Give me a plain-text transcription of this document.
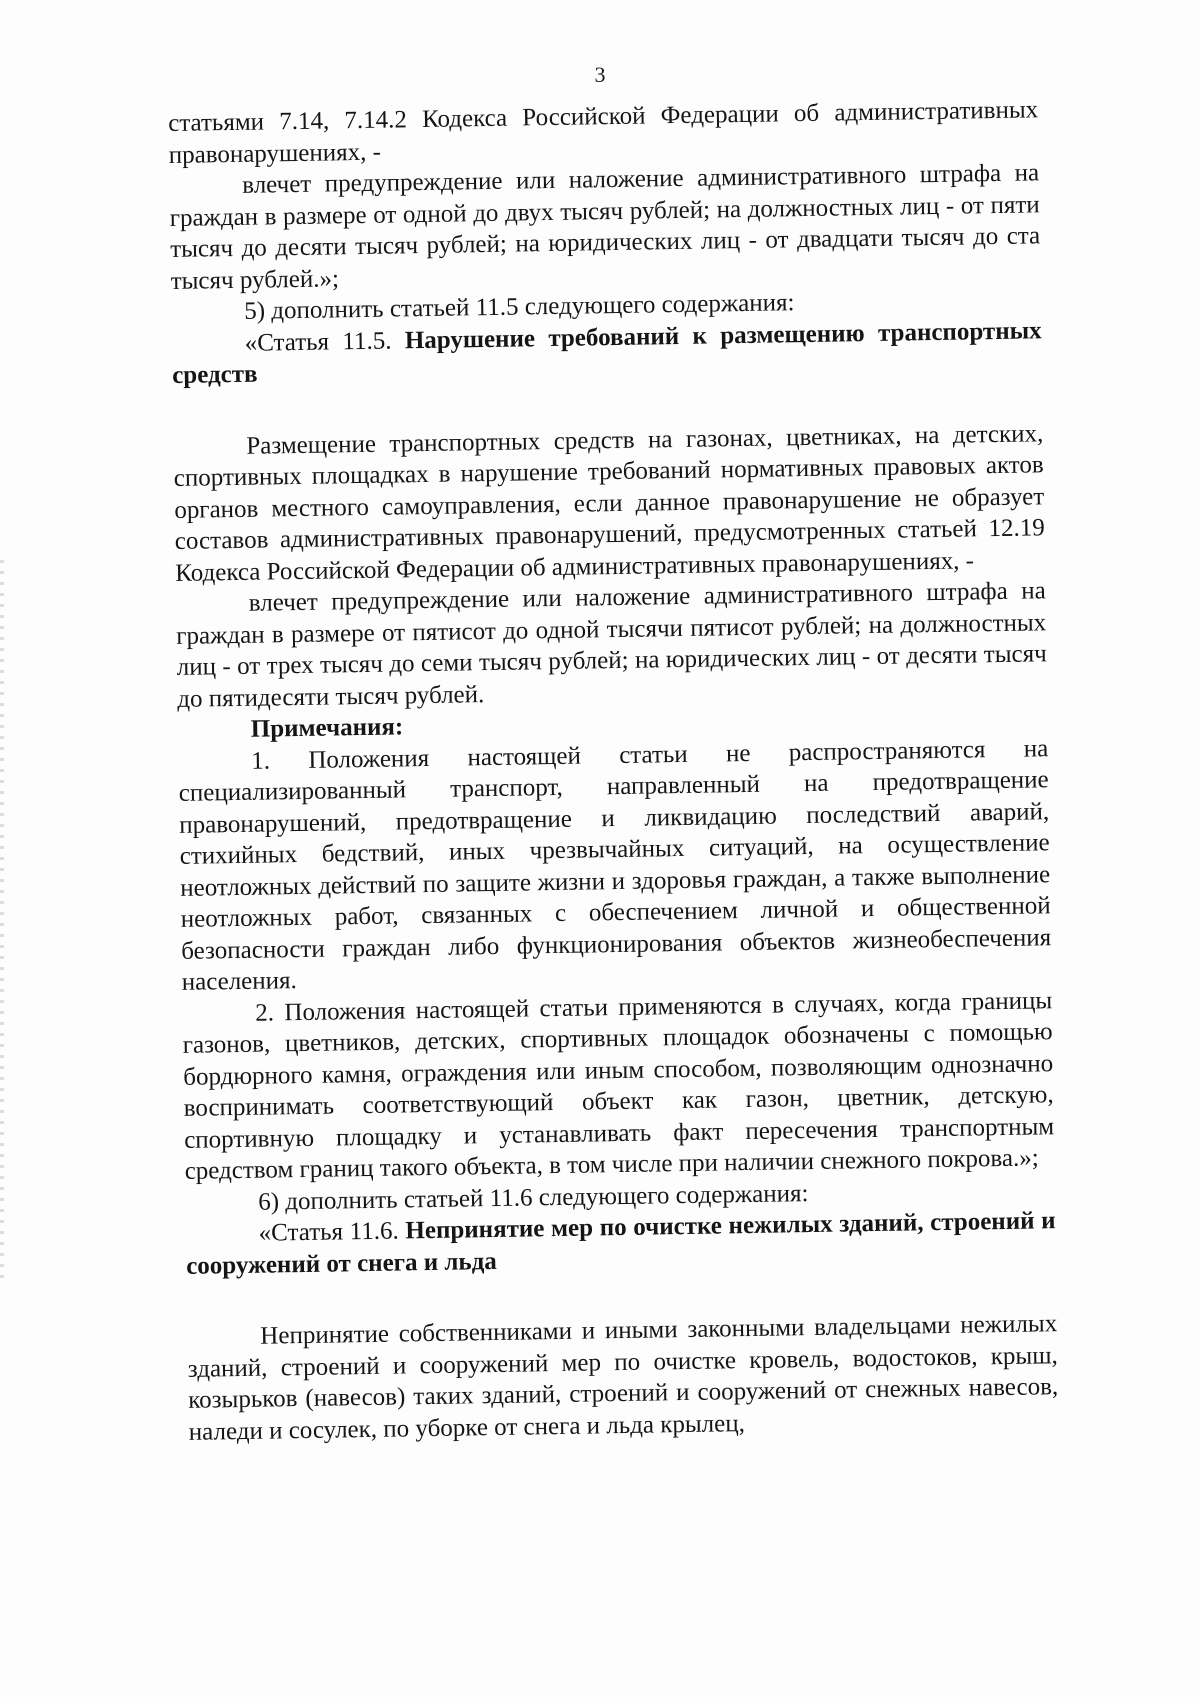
3

статьями 7.14, 7.14.2 Кодекса Российской Федерации об административных правонарушениях, -

влечет предупреждение или наложение административного штрафа на граждан в размере от одной до двух тысяч рублей; на должностных лиц - от пяти тысяч до десяти тысяч рублей; на юридических лиц - от двадцати тысяч до ста тысяч рублей.»;

5) дополнить статьей 11.5 следующего содержания:

«Статья 11.5. Нарушение требований к размещению транспортных средств

Размещение транспортных средств на газонах, цветниках, на детских, спортивных площадках в нарушение требований нормативных правовых актов органов местного самоуправления, если данное правонарушение не образует составов административных правонарушений, предусмотренных статьей 12.19 Кодекса Российской Федерации об административных правонарушениях, -

влечет предупреждение или наложение административного штрафа на граждан в размере от пятисот до одной тысячи пятисот рублей; на должностных лиц - от трех тысяч до семи тысяч рублей; на юридических лиц - от десяти тысяч до пятидесяти тысяч рублей.

Примечания:

1. Положения настоящей статьи не распространяются на специализированный транспорт, направленный на предотвращение правонарушений, предотвращение и ликвидацию последствий аварий, стихийных бедствий, иных чрезвычайных ситуаций, на осуществление неотложных действий по защите жизни и здоровья граждан, а также выполнение неотложных работ, связанных с обеспечением личной и общественной безопасности граждан либо функционирования объектов жизнеобеспечения населения.

2. Положения настоящей статьи применяются в случаях, когда границы газонов, цветников, детских, спортивных площадок обозначены с помощью бордюрного камня, ограждения или иным способом, позволяющим однозначно воспринимать соответствующий объект как газон, цветник, детскую, спортивную площадку и устанавливать факт пересечения транспортным средством границ такого объекта, в том числе при наличии снежного покрова.»;

6) дополнить статьей 11.6 следующего содержания:

«Статья 11.6. Непринятие мер по очистке нежилых зданий, строений и сооружений от снега и льда

Непринятие собственниками и иными законными владельцами нежилых зданий, строений и сооружений мер по очистке кровель, водостоков, крыш, козырьков (навесов) таких зданий, строений и сооружений от снежных навесов, наледи и сосулек, по уборке от снега и льда крылец,
